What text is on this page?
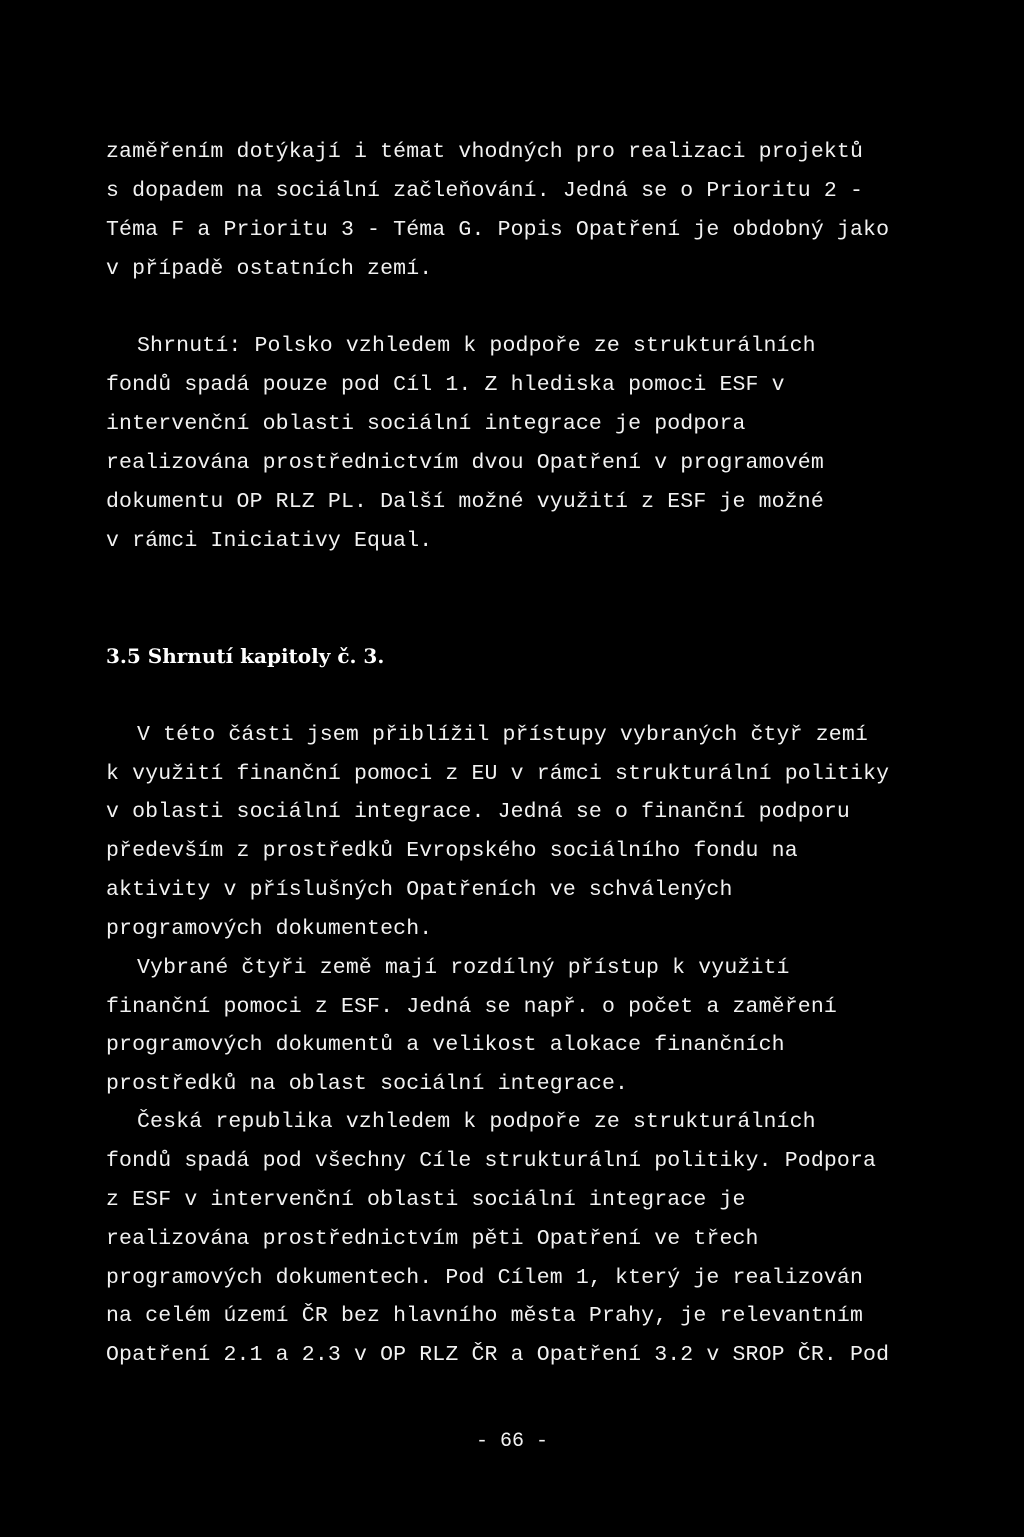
zaměřením dotýkají i témat vhodných pro realizaci projektů
s dopadem na sociální začleňování. Jedná se o Prioritu 2 -
Téma F a Prioritu 3 - Téma G. Popis Opatření je obdobný jako
v případě ostatních zemí.
Shrnutí: Polsko vzhledem k podpoře ze strukturálních
fondů spadá pouze pod Cíl 1. Z hlediska pomoci ESF v
intervenční oblasti sociální integrace je podpora
realizována prostřednictvím dvou Opatření v programovém
dokumentu OP RLZ PL. Další možné využití z ESF je možné
v rámci Iniciativy Equal.
3.5 Shrnutí kapitoly č. 3.
V této části jsem přiblížil přístupy vybraných čtyř zemí
k využití finanční pomoci z EU v rámci strukturální politiky
v oblasti sociální integrace. Jedná se o finanční podporu
především z prostředků Evropského sociálního fondu na
aktivity v příslušných Opatřeních ve schválených
programových dokumentech.
Vybrané čtyři země mají rozdílný přístup k využití
finanční pomoci z ESF. Jedná se např. o počet a zaměření
programových dokumentů a velikost alokace finančních
prostředků na oblast sociální integrace.
Česká republika vzhledem k podpoře ze strukturálních
fondů spadá pod všechny Cíle strukturální politiky. Podpora
z ESF v intervenční oblasti sociální integrace je
realizována prostřednictvím pěti Opatření ve třech
programových dokumentech. Pod Cílem 1, který je realizován
na celém území ČR bez hlavního města Prahy, je relevantním
Opatření 2.1 a 2.3 v OP RLZ ČR a Opatření 3.2 v SROP ČR. Pod
- 66 -
